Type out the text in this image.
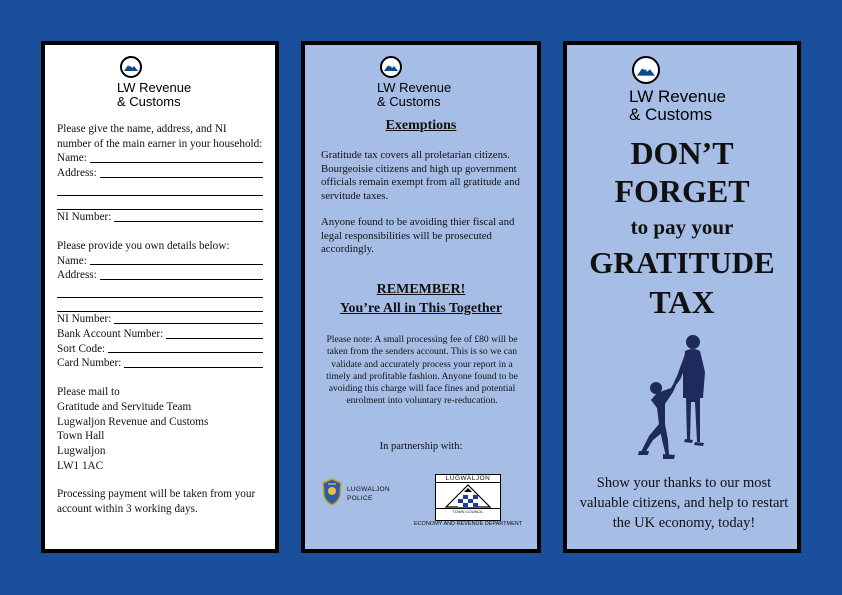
LW Revenue
& Customs

Please give the name, address, and NI number of the main earner in your household:

Name:
Address:
NI Number:

Please provide you own details below:

Name:
Address:
NI Number:
Bank Account Number:
Sort Code:
Card Number:
Please mail to
Gratitude and Servitude Team
Lugwaljon Revenue and Customs
Town Hall
Lugwaljon
LW1 1AC

Processing payment will be taken from your account within 3 working days.

LW Revenue
& Customs
Exemptions

Gratitude tax covers all proletarian citizens. Bourgeoisie citizens and high up government officials remain exempt from all gratitude and servitude taxes.

Anyone found to be avoiding thier fiscal and legal responsibilities will be prosecuted accordingly.

REMEMBER!
You’re All in This Together
Please note: A small processing fee of £80 will be taken from the senders account. This is so we can validate and accurately process your report in a timely and profitable fashion. Anyone found to be avoiding this charge will face fines and potential enrolment into voluntary re-reducation.
In partnership with:
LUGWALJON POLICE
LUGWALJON
TOWN COUNCIL
ECONOMY AND REVENUE DEPARTMENT
LW Revenue
& Customs
DON’T
FORGET
to pay your
GRATITUDE
TAX
Show your thanks to our most valuable citizens, and help to restart the UK economy, today!
